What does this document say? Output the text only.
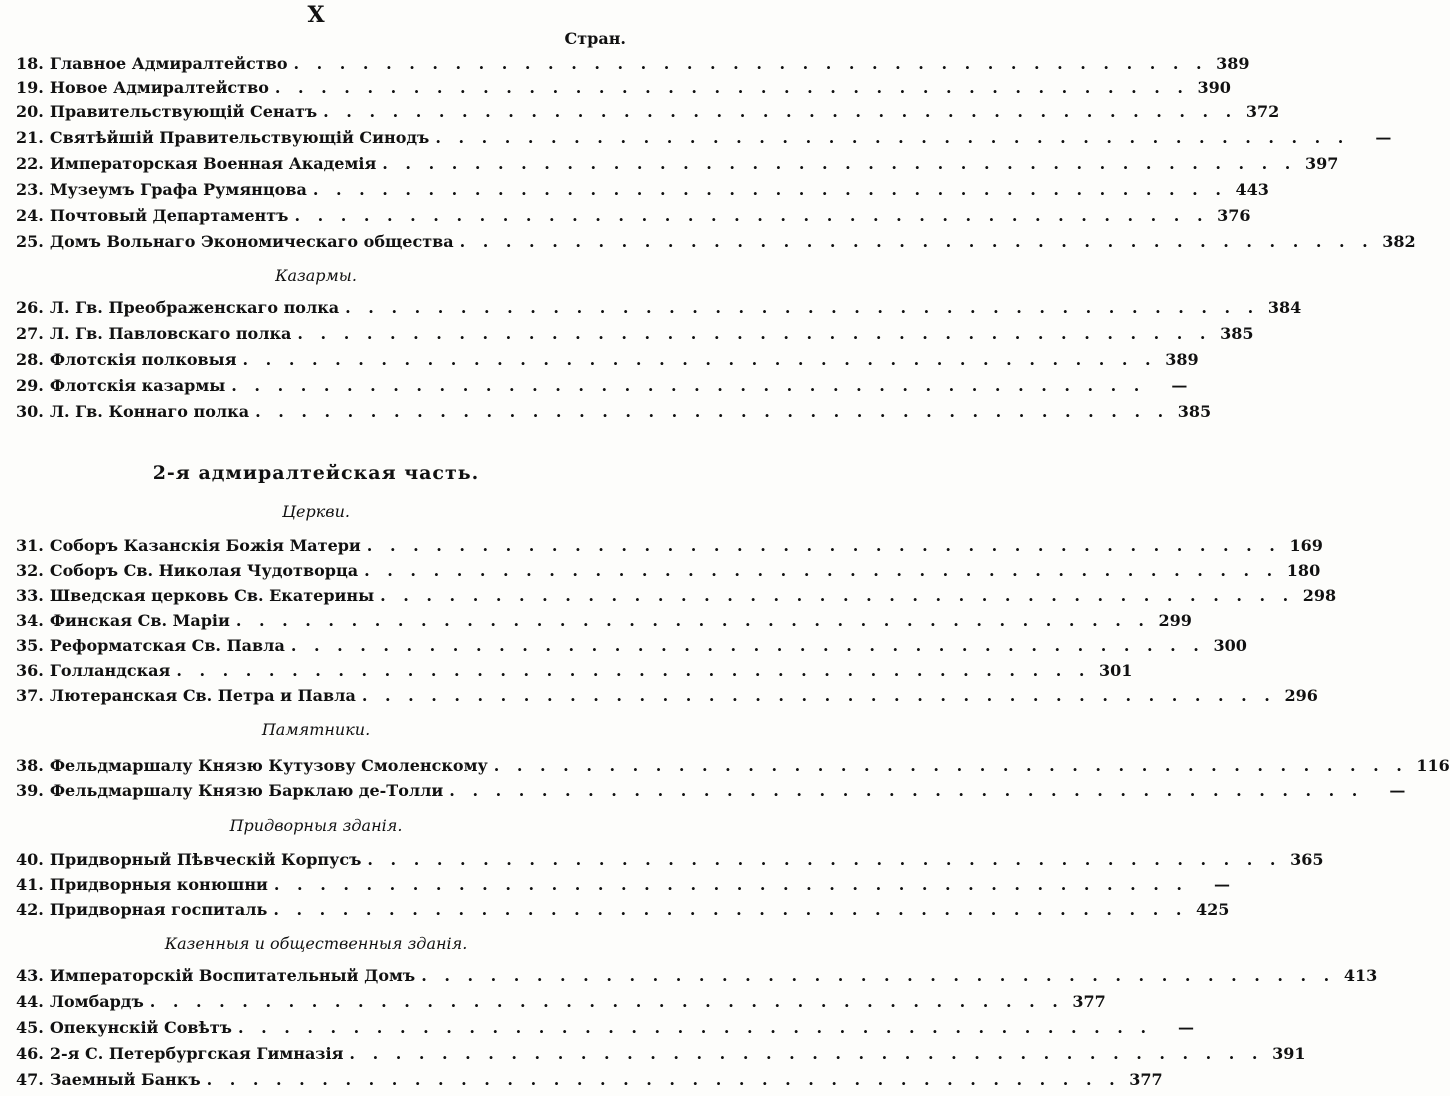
X
Стран.
18. Главное Адмиралтейство . . .	389
19. Новое Адмиралтейство . . .	390
20. Правительствующій Сенатъ . . .	372
21. Святѣйшій Правительствующій Синодъ . . .	—
22. Императорская Военная Академія . . .	397
23. Музеумъ Графа Румянцова . . .	443
24. Почтовый Департаментъ . . .	376
25. Домъ Вольнаго Экономическаго общества . . .	382
Казармы.
26. Л. Гв. Преображенскаго полка . . .	384
27. Л. Гв. Павловскаго полка . . .	385
28. Флотскія полковыя . . .	389
29. Флотскія казармы . . .	—
30. Л. Гв. Коннаго полка . . .	385
2-я адмиралтейская часть.
Церкви.
31. Соборъ Казанскія Божія Матери . . .	169
32. Соборъ Св. Николая Чудотворца . . .	180
33. Шведская церковь Св. Екатерины . . .	298
34. Финская Св. Маріи . . .	299
35. Реформатская Св. Павла . . .	300
36. Голландская . . .	301
37. Лютеранская Св. Петра и Павла . . .	296
Памятники.
38. Фельдмаршалу Князю Кутузову Смоленскому . . .	116
39. Фельдмаршалу Князю Барклаю де-Толли . . .	—
Придворныя зданія.
40. Придворный Пѣвческій Корпусъ . . .	365
41. Придворныя конюшни . . .	—
42. Придворная госпиталь . . .	425
Казенныя и общественныя зданія.
43. Императорскій Воспитательный Домъ . . .	413
44. Ломбардъ . . .	377
45. Опекунскій Совѣтъ . . .	—
46. 2-я С. Петербургская Гимназія . . .	391
47. Заемный Банкъ . . .	377
